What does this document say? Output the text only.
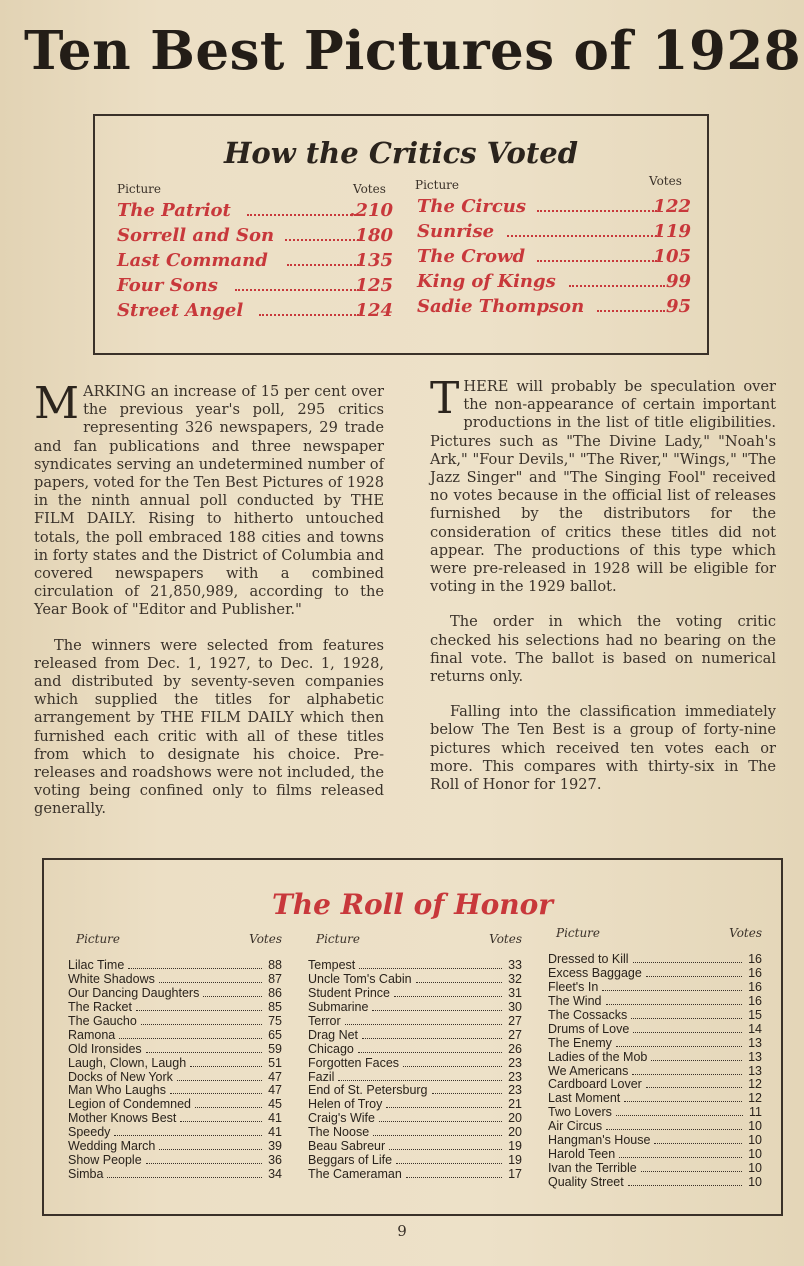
Ten Best Pictures of 1928
How the Critics Voted
Picture	Votes Picture	Votes
The Patriot	.210
Sorrell and Son	180
Last Command	135
Four Sons	125
Street Angel	124
The Circus	122
Sunrise	119
The Crowd	105
King of Kings	99
Sadie Thompson	95

MARKING an increase of 15 per cent over the previous year's poll, 295 critics representing 326 newspapers, 29 trade and fan publications and three newspaper syndicates serving an undetermined number of papers, voted for the Ten Best Pictures of 1928 in the ninth annual poll conducted by THE FILM DAILY. Rising to hitherto untouched totals, the poll embraced 188 cities and towns in forty states and the District of Columbia and covered newspapers with a combined circulation of 21,850,989, according to the Year Book of "Editor and Publisher."

The winners were selected from features released from Dec. 1, 1927, to Dec. 1, 1928, and distributed by seventy-seven companies which supplied the titles for alphabetic arrangement by THE FILM DAILY which then furnished each critic with all of these titles from which to designate his choice. Pre-releases and roadshows were not included, the voting being confined only to films released generally.

THERE will probably be speculation over the non-appearance of certain important productions in the list of title eligibilities. Pictures such as "The Divine Lady," "Noah's Ark," "Four Devils," "The River," "Wings," "The Jazz Singer" and "The Singing Fool" received no votes because in the official list of releases furnished by the distributors for the consideration of critics these titles did not appear. The productions of this type which were pre-released in 1928 will be eligible for voting in the 1929 ballot.

The order in which the voting critic checked his selections had no bearing on the final vote. The ballot is based on numerical returns only.

Falling into the classification immediately below The Ten Best is a group of forty-nine pictures which received ten votes each or more. This compares with thirty-six in The Roll of Honor for 1927.

The Roll of Honor
Picture	Votes
Lilac Time	88
White Shadows	87
Our Dancing Daughters	86
The Racket	85
The Gaucho	75
Ramona	65
Old Ironsides	59
Laugh, Clown, Laugh	51
Docks of New York	47
Man Who Laughs	47
Legion of Condemned	45
Mother Knows Best	41
Speedy	41
Wedding March	39
Show People	36
Simba	34
Picture	Votes
Tempest	33
Uncle Tom's Cabin	32
Student Prince	31
Submarine	30
Terror	27
Drag Net	27
Chicago	26
Forgotten Faces	23
Fazil	23
End of St. Petersburg	23
Helen of Troy	21
Craig's Wife	20
The Noose	20
Beau Sabreur	19
Beggars of Life	19
The Cameraman	17
Picture	Votes
Dressed to Kill	16
Excess Baggage	16
Fleet's In	16
The Wind	16
The Cossacks	15
Drums of Love	14
The Enemy	13
Ladies of the Mob	13
We Americans	13
Cardboard Lover	12
Last Moment	12
Two Lovers	11
Air Circus	10
Hangman's House	10
Harold Teen	10
Ivan the Terrible	10
Quality Street	10
9
